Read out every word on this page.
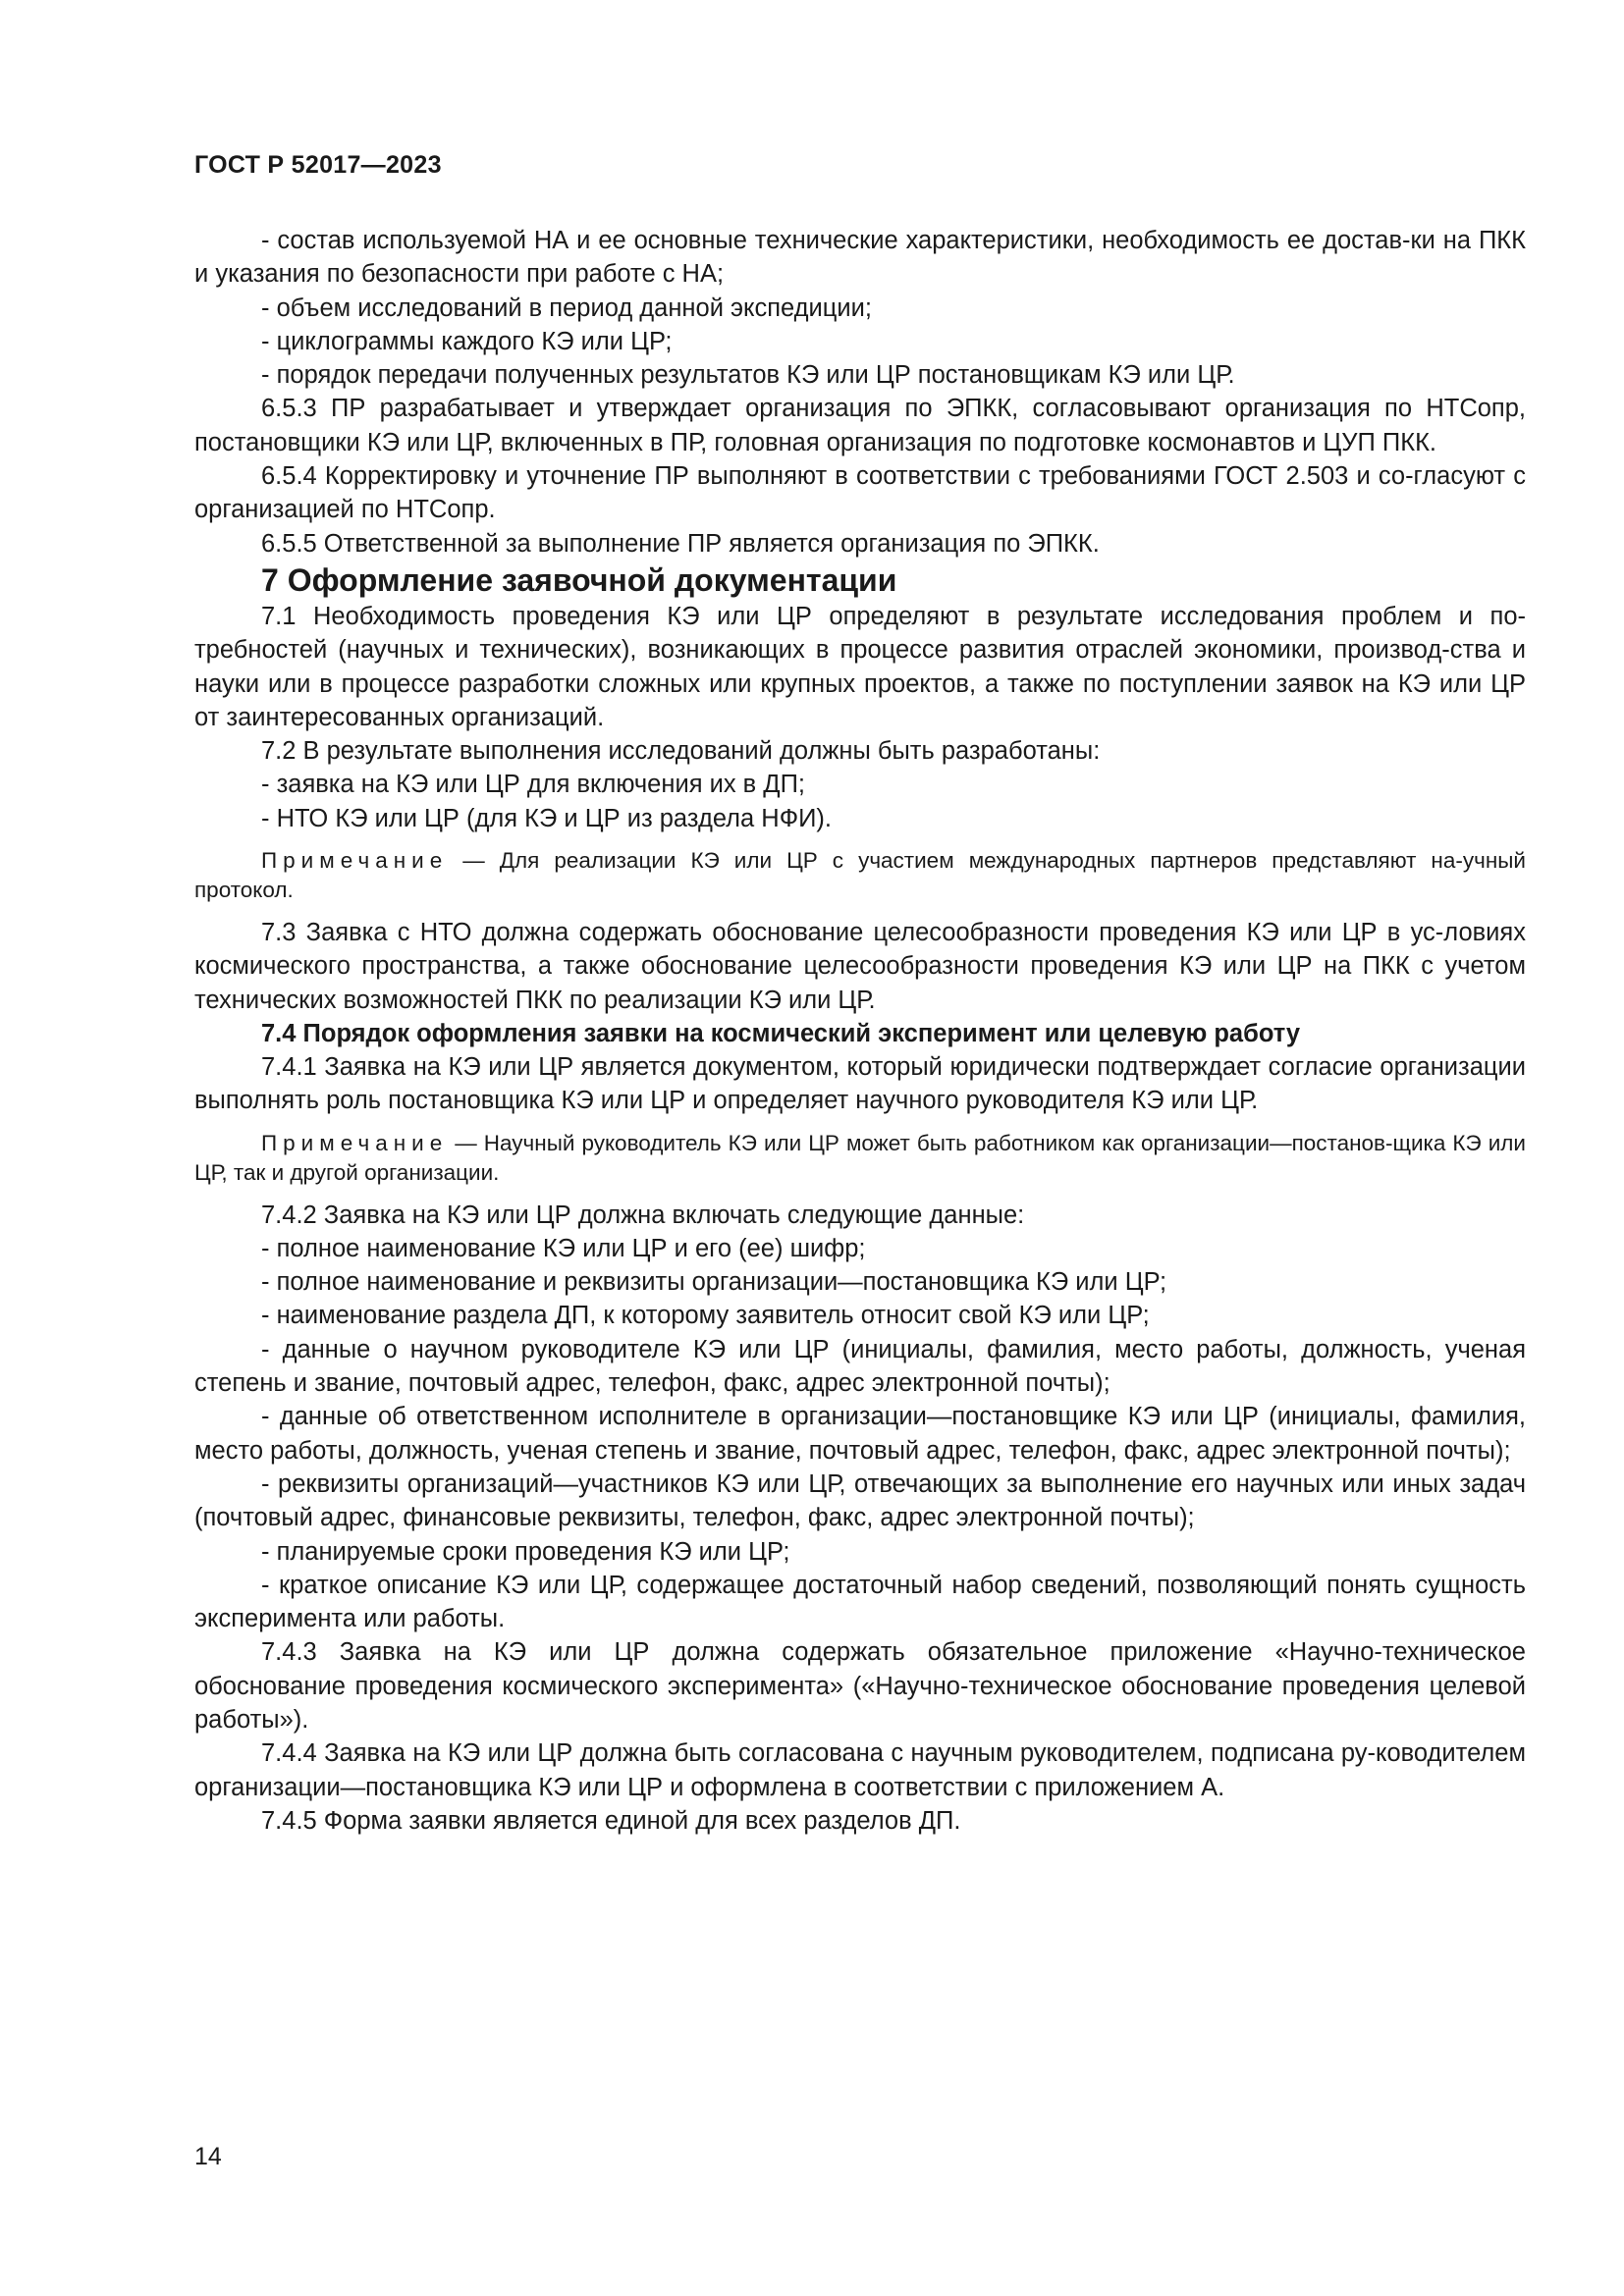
ГОСТ Р 52017—2023

- состав используемой НА и ее основные технические характеристики, необходимость ее достав-ки на ПКК и указания по безопасности при работе с НА;

- объем исследований в период данной экспедиции;

- циклограммы каждого КЭ или ЦР;

- порядок передачи полученных результатов КЭ или ЦР постановщикам КЭ или ЦР.

6.5.3 ПР разрабатывает и утверждает организация по ЭПКК, согласовывают организация по НТСопр, постановщики КЭ или ЦР, включенных в ПР, головная организация по подготовке космонавтов и ЦУП ПКК.

6.5.4 Корректировку и уточнение ПР выполняют в соответствии с требованиями ГОСТ 2.503 и со-гласуют с организацией по НТСопр.

6.5.5 Ответственной за выполнение ПР является организация по ЭПКК.

7 Оформление заявочной документации

7.1 Необходимость проведения КЭ или ЦР определяют в результате исследования проблем и по-требностей (научных и технических), возникающих в процессе развития отраслей экономики, производ-ства и науки или в процессе разработки сложных или крупных проектов, а также по поступлении заявок на КЭ или ЦР от заинтересованных организаций.

7.2 В результате выполнения исследований должны быть разработаны:

- заявка на КЭ или ЦР для включения их в ДП;

- НТО КЭ или ЦР (для КЭ и ЦР из раздела НФИ).

Примечание — Для реализации КЭ или ЦР с участием международных партнеров представляют на-учный протокол.

7.3 Заявка с НТО должна содержать обоснование целесообразности проведения КЭ или ЦР в ус-ловиях космического пространства, а также обоснование целесообразности проведения КЭ или ЦР на ПКК с учетом технических возможностей ПКК по реализации КЭ или ЦР.

7.4 Порядок оформления заявки на космический эксперимент или целевую работу

7.4.1 Заявка на КЭ или ЦР является документом, который юридически подтверждает согласие организации выполнять роль постановщика КЭ или ЦР и определяет научного руководителя КЭ или ЦР.

Примечание — Научный руководитель КЭ или ЦР может быть работником как организации—постанов-щика КЭ или ЦР, так и другой организации.

7.4.2 Заявка на КЭ или ЦР должна включать следующие данные:

- полное наименование КЭ или ЦР и его (ее) шифр;

- полное наименование и реквизиты организации—постановщика КЭ или ЦР;

- наименование раздела ДП, к которому заявитель относит свой КЭ или ЦР;

- данные о научном руководителе КЭ или ЦР (инициалы, фамилия, место работы, должность, ученая степень и звание, почтовый адрес, телефон, факс, адрес электронной почты);

- данные об ответственном исполнителе в организации—постановщике КЭ или ЦР (инициалы, фамилия, место работы, должность, ученая степень и звание, почтовый адрес, телефон, факс, адрес электронной почты);

- реквизиты организаций—участников КЭ или ЦР, отвечающих за выполнение его научных или иных задач (почтовый адрес, финансовые реквизиты, телефон, факс, адрес электронной почты);

- планируемые сроки проведения КЭ или ЦР;

- краткое описание КЭ или ЦР, содержащее достаточный набор сведений, позволяющий понять сущность эксперимента или работы.

7.4.3 Заявка на КЭ или ЦР должна содержать обязательное приложение «Научно-техническое обоснование проведения космического эксперимента» («Научно-техническое обоснование проведения целевой работы»).

7.4.4 Заявка на КЭ или ЦР должна быть согласована с научным руководителем, подписана ру-ководителем организации—постановщика КЭ или ЦР и оформлена в соответствии с приложением А.

7.4.5 Форма заявки является единой для всех разделов ДП.

14
